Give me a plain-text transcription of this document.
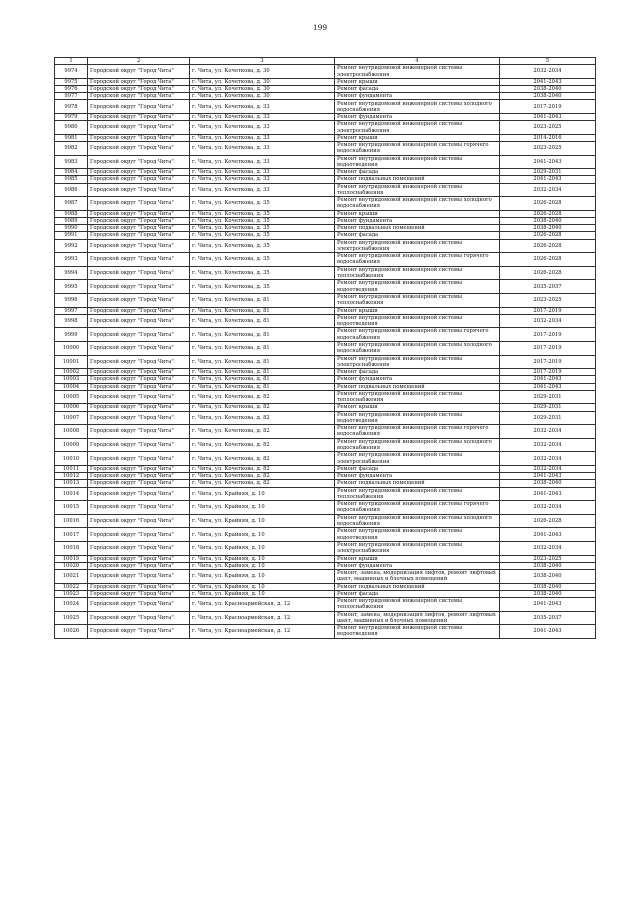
199
1	2	3	4	5
9974	Городской округ "Город Чита"	г. Чита, ул. Кочеткова, д. 30	Ремонт внутридомовой инженерной системы электроснабжения	2032-2034
9975	Городской округ "Город Чита"	г. Чита, ул. Кочеткова, д. 30	Ремонт крыши	2041-2043
9976	Городской округ "Город Чита"	г. Чита, ул. Кочеткова, д. 30	Ремонт фасада	2038-2040
9977	Городской округ "Город Чита"	г. Чита, ул. Кочеткова, д. 30	Ремонт фундамента	2038-2040
9978	Городской округ "Город Чита"	г. Чита, ул. Кочеткова, д. 33	Ремонт внутридомовой инженерной системы холодного водоснабжения	2017-2019
9979	Городской округ "Город Чита"	г. Чита, ул. Кочеткова, д. 33	Ремонт фундамента	2041-2043
9980	Городской округ "Город Чита"	г. Чита, ул. Кочеткова, д. 33	Ремонт внутридомовой инженерной системы электроснабжения	2023-2025
9981	Городской округ "Город Чита"	г. Чита, ул. Кочеткова, д. 33	Ремонт крыши	2014-2016
9982	Городской округ "Город Чита"	г. Чита, ул. Кочеткова, д. 33	Ремонт внутридомовой инженерной системы горячего водоснабжения	2023-2025
9983	Городской округ "Город Чита"	г. Чита, ул. Кочеткова, д. 33	Ремонт внутридомовой инженерной системы водоотведения	2041-2043
9984	Городской округ "Город Чита"	г. Чита, ул. Кочеткова, д. 33	Ремонт фасада	2029-2031
9985	Городской округ "Город Чита"	г. Чита, ул. Кочеткова, д. 33	Ремонт подвальных помещений	2041-2043
9986	Городской округ "Город Чита"	г. Чита, ул. Кочеткова, д. 33	Ремонт внутридомовой инженерной системы теплоснабжения	2032-2034
9987	Городской округ "Город Чита"	г. Чита, ул. Кочеткова, д. 35	Ремонт внутридомовой инженерной системы холодного водоснабжения	2026-2028
9988	Городской округ "Город Чита"	г. Чита, ул. Кочеткова, д. 35	Ремонт крыши	2026-2028
9989	Городской округ "Город Чита"	г. Чита, ул. Кочеткова, д. 35	Ремонт фундамента	2038-2040
9990	Городской округ "Город Чита"	г. Чита, ул. Кочеткова, д. 35	Ремонт подвальных помещений	2038-2040
9991	Городской округ "Город Чита"	г. Чита, ул. Кочеткова, д. 35	Ремонт фасада	2026-2028
9992	Городской округ "Город Чита"	г. Чита, ул. Кочеткова, д. 35	Ремонт внутридомовой инженерной системы электроснабжения	2026-2028
9993	Городской округ "Город Чита"	г. Чита, ул. Кочеткова, д. 35	Ремонт внутридомовой инженерной системы горячего водоснабжения	2026-2028
9994	Городской округ "Город Чита"	г. Чита, ул. Кочеткова, д. 35	Ремонт внутридомовой инженерной системы теплоснабжения	2026-2028
9995	Городской округ "Город Чита"	г. Чита, ул. Кочеткова, д. 35	Ремонт внутридомовой инженерной системы водоотведения	2035-2037
9996	Городской округ "Город Чита"	г. Чита, ул. Кочеткова, д. 81	Ремонт внутридомовой инженерной системы теплоснабжения	2023-2025
9997	Городской округ "Город Чита"	г. Чита, ул. Кочеткова, д. 81	Ремонт крыши	2017-2019
9998	Городской округ "Город Чита"	г. Чита, ул. Кочеткова, д. 81	Ремонт внутридомовой инженерной системы водоотведения	2032-2034
9999	Городской округ "Город Чита"	г. Чита, ул. Кочеткова, д. 81	Ремонт внутридомовой инженерной системы горячего водоснабжения	2017-2019
10000	Городской округ "Город Чита"	г. Чита, ул. Кочеткова, д. 81	Ремонт внутридомовой инженерной системы холодного водоснабжения	2017-2019
10001	Городской округ "Город Чита"	г. Чита, ул. Кочеткова, д. 81	Ремонт внутридомовой инженерной системы электроснабжения	2017-2019
10002	Городской округ "Город Чита"	г. Чита, ул. Кочеткова, д. 81	Ремонт фасада	2017-2019
10003	Городской округ "Город Чита"	г. Чита, ул. Кочеткова, д. 81	Ремонт фундамента	2041-2043
10004	Городской округ "Город Чита"	г. Чита, ул. Кочеткова, д. 81	Ремонт подвальных помещений	2041-2043
10005	Городской округ "Город Чита"	г. Чита, ул. Кочеткова, д. 82	Ремонт внутридомовой инженерной системы теплоснабжения	2029-2031
10006	Городской округ "Город Чита"	г. Чита, ул. Кочеткова, д. 82	Ремонт крыши	2029-2031
10007	Городской округ "Город Чита"	г. Чита, ул. Кочеткова, д. 82	Ремонт внутридомовой инженерной системы водоотведения	2029-2031
10008	Городской округ "Город Чита"	г. Чита, ул. Кочеткова, д. 82	Ремонт внутридомовой инженерной системы горячего водоснабжения	2032-2034
10009	Городской округ "Город Чита"	г. Чита, ул. Кочеткова, д. 82	Ремонт внутридомовой инженерной системы холодного водоснабжения	2032-2034
10010	Городской округ "Город Чита"	г. Чита, ул. Кочеткова, д. 82	Ремонт внутридомовой инженерной системы электроснабжения	2032-2034
10011	Городской округ "Город Чита"	г. Чита, ул. Кочеткова, д. 82	Ремонт фасада	2032-2034
10012	Городской округ "Город Чита"	г. Чита, ул. Кочеткова, д. 82	Ремонт фундамента	2041-2043
10013	Городской округ "Город Чита"	г. Чита, ул. Кочеткова, д. 82	Ремонт подвальных помещений	2038-2040
10014	Городской округ "Город Чита"	г. Чита, ул. Крайняя, д. 10	Ремонт внутридомовой инженерной системы теплоснабжения	2041-2043
10015	Городской округ "Город Чита"	г. Чита, ул. Крайняя, д. 10	Ремонт внутридомовой инженерной системы горячего водоснабжения	2032-2034
10016	Городской округ "Город Чита"	г. Чита, ул. Крайняя, д. 10	Ремонт внутридомовой инженерной системы холодного водоснабжения	2026-2028
10017	Городской округ "Город Чита"	г. Чита, ул. Крайняя, д. 10	Ремонт внутридомовой инженерной системы водоотведения	2041-2043
10018	Городской округ "Город Чита"	г. Чита, ул. Крайняя, д. 10	Ремонт внутридомовой инженерной системы электроснабжения	2032-2034
10019	Городской округ "Город Чита"	г. Чита, ул. Крайняя, д. 10	Ремонт крыши	2023-2025
10020	Городской округ "Город Чита"	г. Чита, ул. Крайняя, д. 10	Ремонт фундамента	2038-2040
10021	Городской округ "Город Чита"	г. Чита, ул. Крайняя, д. 10	Ремонт, замена, модернизация лифтов, ремонт лифтовых шахт, машинных и блочных помещений	2038-2040
10022	Городской округ "Город Чита"	г. Чита, ул. Крайняя, д. 10	Ремонт подвальных помещений	2038-2040
10023	Городской округ "Город Чита"	г. Чита, ул. Крайняя, д. 10	Ремонт фасада	2038-2040
10024	Городской округ "Город Чита"	г. Чита, ул. Красноармейская, д. 12	Ремонт внутридомовой инженерной системы теплоснабжения	2041-2043
10025	Городской округ "Город Чита"	г. Чита, ул. Красноармейская, д. 12	Ремонт, замена, модернизация лифтов, ремонт лифтовых шахт, машинных и блочных помещений	2035-2037
10026	Городской округ "Город Чита"	г. Чита, ул. Красноармейская, д. 12	Ремонт внутридомовой инженерной системы водоотведения	2041-2043
